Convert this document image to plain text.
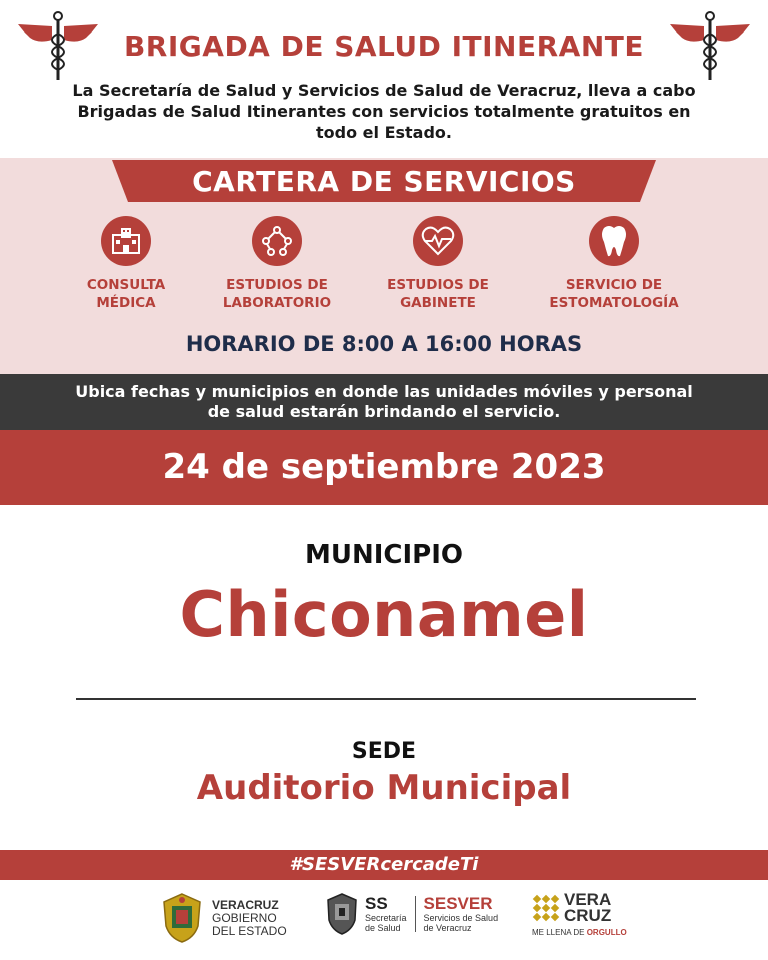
BRIGADA DE SALUD ITINERANTE
La Secretaría de Salud y Servicios de Salud de Veracruz, lleva a cabo Brigadas de Salud Itinerantes con servicios totalmente gratuitos en todo el Estado.
CARTERA DE SERVICIOS
CONSULTA
MÉDICA
ESTUDIOS DE
LABORATORIO
ESTUDIOS DE
GABINETE
SERVICIO DE
ESTOMATOLOGÍA
HORARIO DE 8:00 A 16:00 HORAS
Ubica fechas y municipios en donde las unidades móviles y personal
de salud estarán brindando el servicio.
24 de septiembre 2023
MUNICIPIO
Chiconamel
SEDE
Auditorio Municipal
#SESVERcercadeTi
VERACRUZ
GOBIERNO
DEL ESTADO
SS
Secretaría
de Salud
SESVER
Servicios de Salud
de Veracruz
VERA
CRUZ
ME LLENA DE ORGULLO
